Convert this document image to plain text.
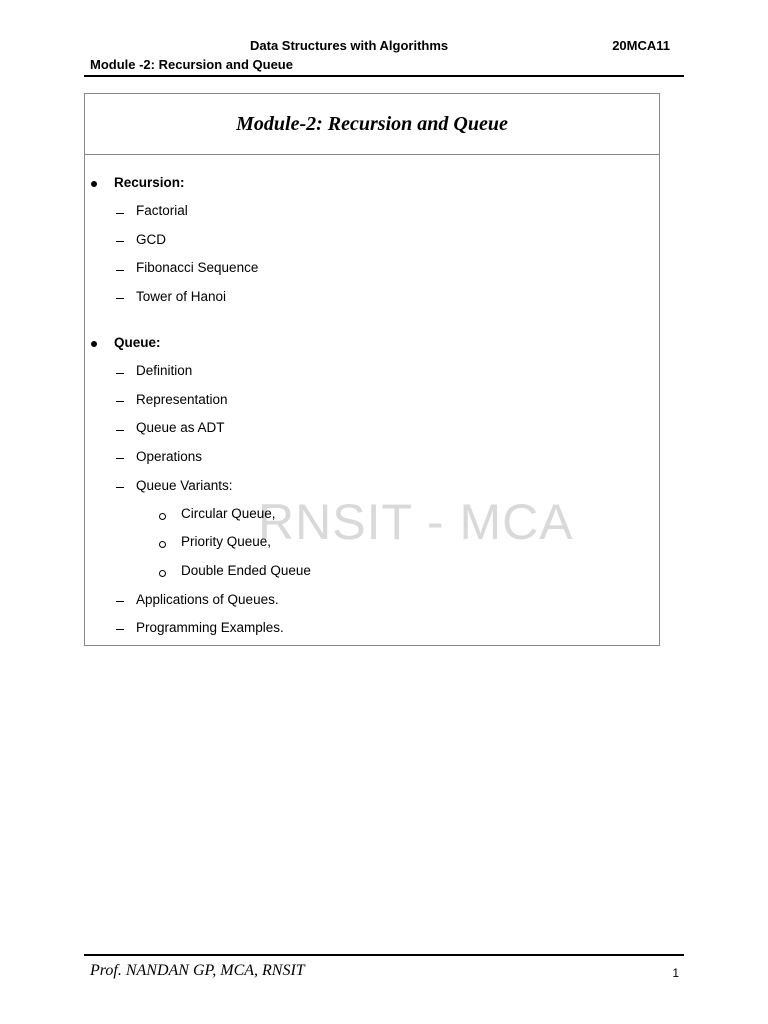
Data Structures with Algorithms	20MCA11
Module -2: Recursion and Queue
Module-2: Recursion and Queue
Recursion:
Factorial
GCD
Fibonacci Sequence
Tower of Hanoi
Queue:
Definition
Representation
Queue as ADT
Operations
Queue Variants:
RNSIT - MCA
Circular Queue,
Priority Queue,
Double Ended Queue
Applications of Queues.
Programming Examples.
Prof. NANDAN GP, MCA, RNSIT	1
